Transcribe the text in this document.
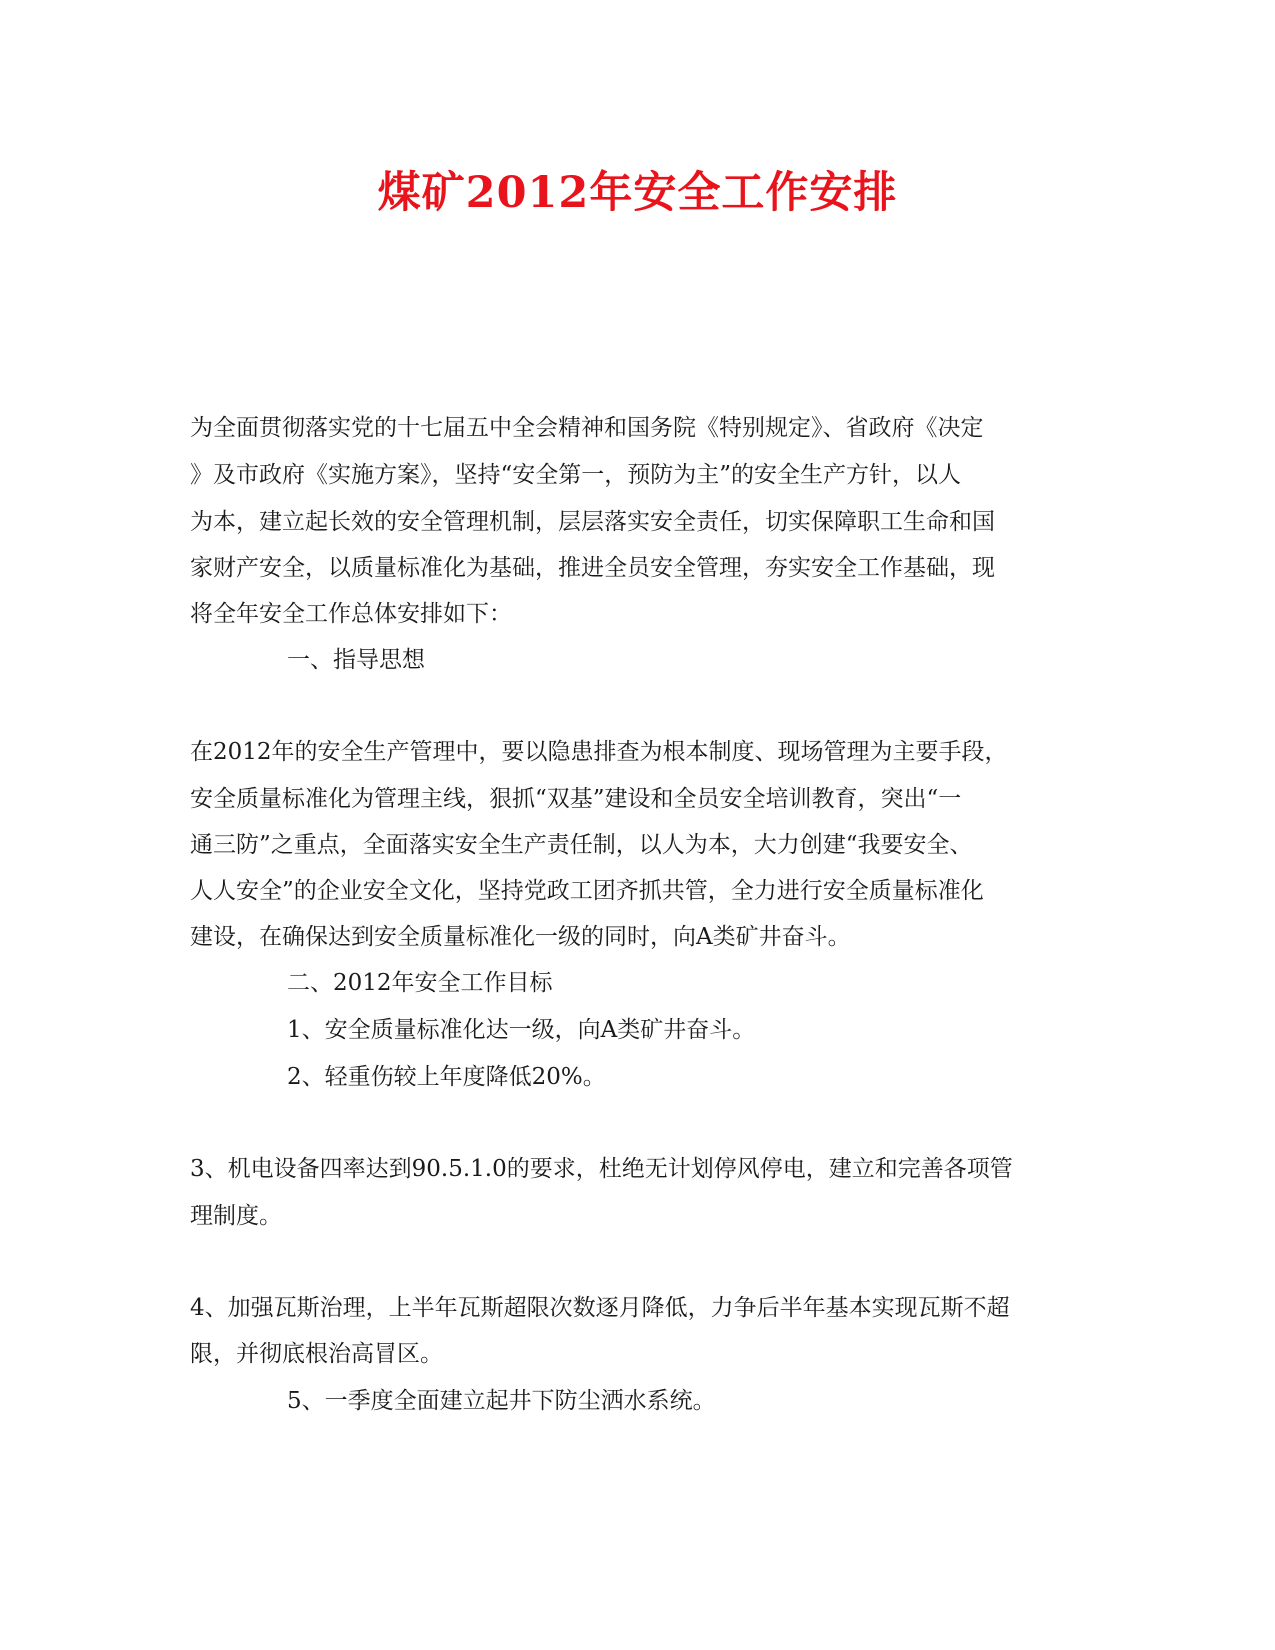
煤矿2012年安全工作安排
为全面贯彻落实党的十七届五中全会精神和国务院《特别规定》、省政府《决定
》及市政府《实施方案》，坚持“安全第一，预防为主”的安全生产方针，以人
为本，建立起长效的安全管理机制，层层落实安全责任，切实保障职工生命和国
家财产安全，以质量标准化为基础，推进全员安全管理，夯实安全工作基础，现
将全年安全工作总体安排如下：
一、指导思想
在2012年的安全生产管理中，要以隐患排查为根本制度、现场管理为主要手段，
安全质量标准化为管理主线，狠抓“双基”建设和全员安全培训教育，突出“一
通三防”之重点，全面落实安全生产责任制，以人为本，大力创建“我要安全、
人人安全”的企业安全文化，坚持党政工团齐抓共管，全力进行安全质量标准化
建设，在确保达到安全质量标准化一级的同时，向A类矿井奋斗。
二、2012年安全工作目标
1、安全质量标准化达一级，向A类矿井奋斗。
2、轻重伤较上年度降低20%。
3、机电设备四率达到90.5.1.0的要求，杜绝无计划停风停电，建立和完善各项管
理制度。
4、加强瓦斯治理，上半年瓦斯超限次数逐月降低，力争后半年基本实现瓦斯不超
限，并彻底根治高冒区。
5、一季度全面建立起井下防尘洒水系统。
